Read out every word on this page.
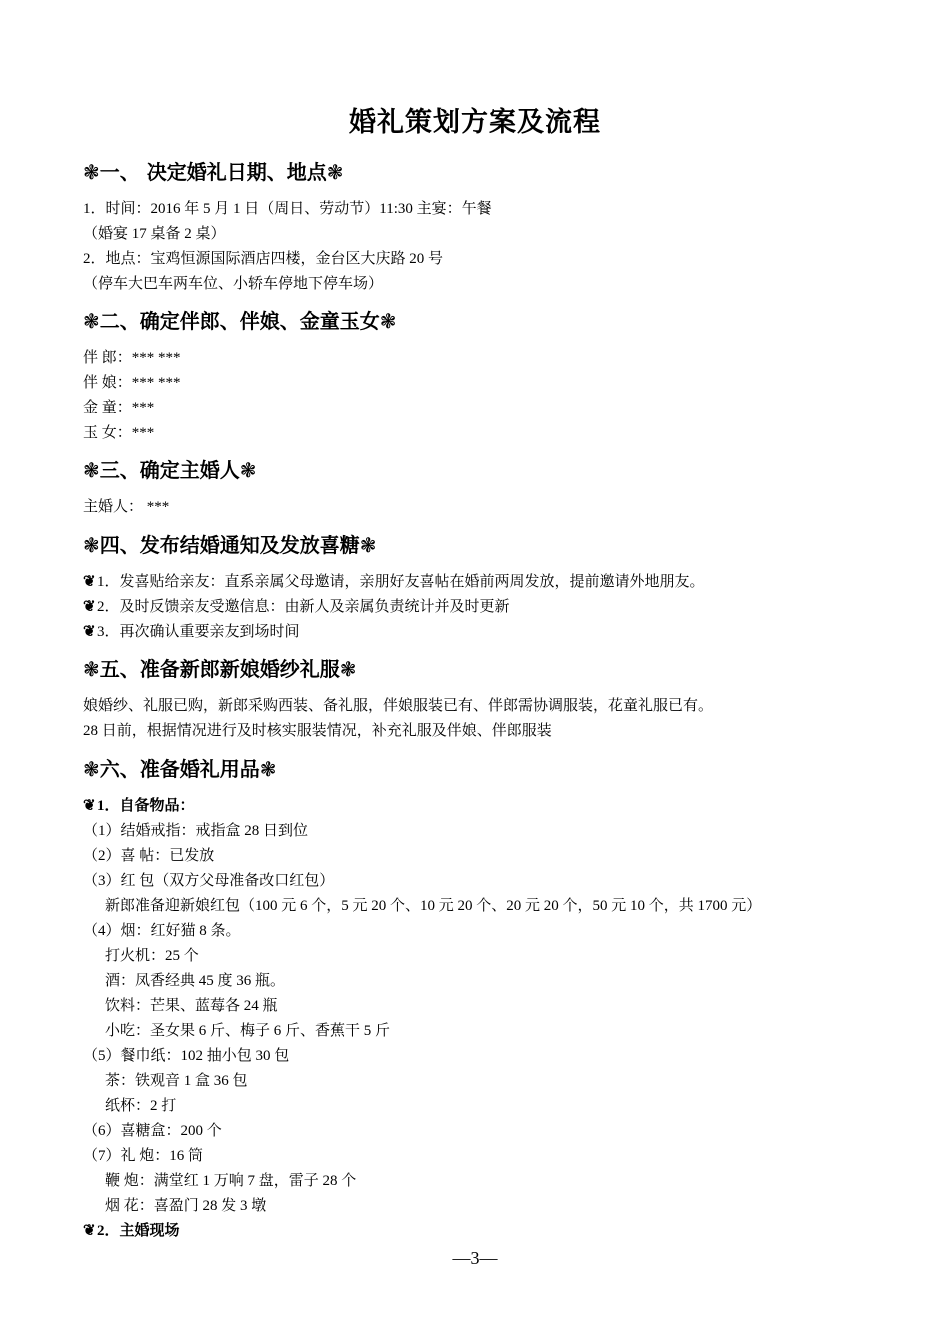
婚礼策划方案及流程
❃一、 决定婚礼日期、地点❃
1．时间：2016 年 5 月 1 日（周日、劳动节）11:30 主宴：午餐
（婚宴 17 桌备 2 桌）
2．地点：宝鸡恒源国际酒店四楼，金台区大庆路 20 号
（停车大巴车两车位、小轿车停地下停车场）
❃二、确定伴郎、伴娘、金童玉女❃
伴 郎：*** ***
伴 娘：*** ***
金 童：***
玉 女：***
❃三、确定主婚人❃
主婚人： ***
❃四、发布结婚通知及发放喜糖❃
❦1．发喜贴给亲友：直系亲属父母邀请，亲朋好友喜帖在婚前两周发放，提前邀请外地朋友。
❦2．及时反馈亲友受邀信息：由新人及亲属负责统计并及时更新
❦3．再次确认重要亲友到场时间
❃五、准备新郎新娘婚纱礼服❃
娘婚纱、礼服已购，新郎采购西装、备礼服，伴娘服装已有、伴郎需协调服装，花童礼服已有。
28 日前，根据情况进行及时核实服装情况，补充礼服及伴娘、伴郎服装
❃六、准备婚礼用品❃
❦1．自备物品：
（1）结婚戒指：戒指盒 28 日到位
（2）喜 帖：已发放
（3）红 包（双方父母准备改口红包）
新郎准备迎新娘红包（100 元 6 个，5 元 20 个、10 元 20 个、20 元 20 个，50 元 10 个，共 1700 元）
（4）烟：红好猫 8 条。
打火机：25 个
酒：凤香经典 45 度 36 瓶。
饮料：芒果、蓝莓各 24 瓶
小吃：圣女果 6 斤、梅子 6 斤、香蕉干 5 斤
（5）餐巾纸：102 抽小包 30 包
茶：铁观音 1 盒 36 包
纸杯：2 打
（6）喜糖盒：200 个
（7）礼 炮：16 筒
鞭 炮：满堂红 1 万响 7 盘，雷子 28 个
烟 花：喜盈门 28 发 3 墩
❦2．主婚现场
—3—
